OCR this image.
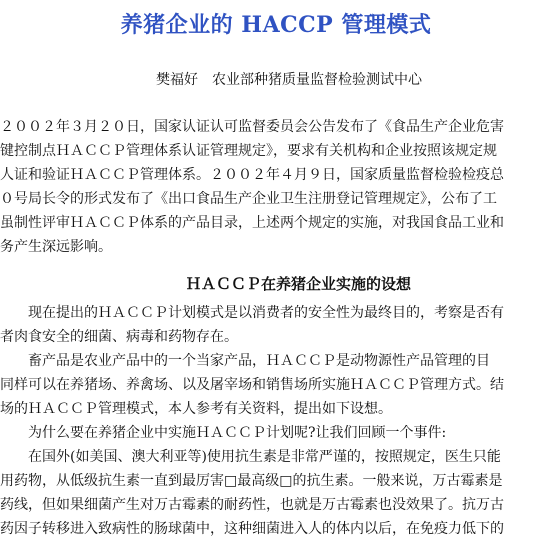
养猪企业的 HACCP 管理模式
樊福好 农业部种猪质量监督检验测试中心
２００２年３月２０日，国家认证认可监督委员会公告发布了《食品生产企业危害
键控制点ＨＡＣＣＰ管理体系认证管理规定》，要求有关机构和企业按照该规定规
人证和验证ＨＡＣＣＰ管理体系。２００２年４月９日，国家质量监督检验检疫总
０号局长令的形式发布了《出口食品生产企业卫生注册登记管理规定》，公布了工
虽制性评审ＨＡＣＣＰ体系的产品目录，上述两个规定的实施，对我国食品工业和
务产生深远影响。
ＨＡＣＣＰ在养猪企业实施的设想
　　现在提出的ＨＡＣＣＰ计划模式是以消费者的安全性为最终目的，考察是否有
者肉食安全的细菌、病毒和药物存在。
　　畜产品是农业产品中的一个当家产品，ＨＡＣＣＰ是动物源性产品管理的目
同样可以在养猪场、养禽场、以及屠宰场和销售场所实施ＨＡＣＣＰ管理方式。结
场的ＨＡＣＣＰ管理模式，本人参考有关资料，提出如下设想。
　　为什么要在养猪企业中实施ＨＡＣＣＰ计划呢?让我们回顾一个事件:
　　在国外(如美国、澳大利亚等)使用抗生素是非常严谨的，按照规定，医生只能
用药物，从低级抗生素一直到最厉害□最高级□的抗生素。一般来说，万古霉素是
药线，但如果细菌产生对万古霉素的耐药性，也就是万古霉素也没效果了。抗万古
药因子转移进入致病性的肠球菌中，这种细菌进入人的体内以后，在免疫力低下的
